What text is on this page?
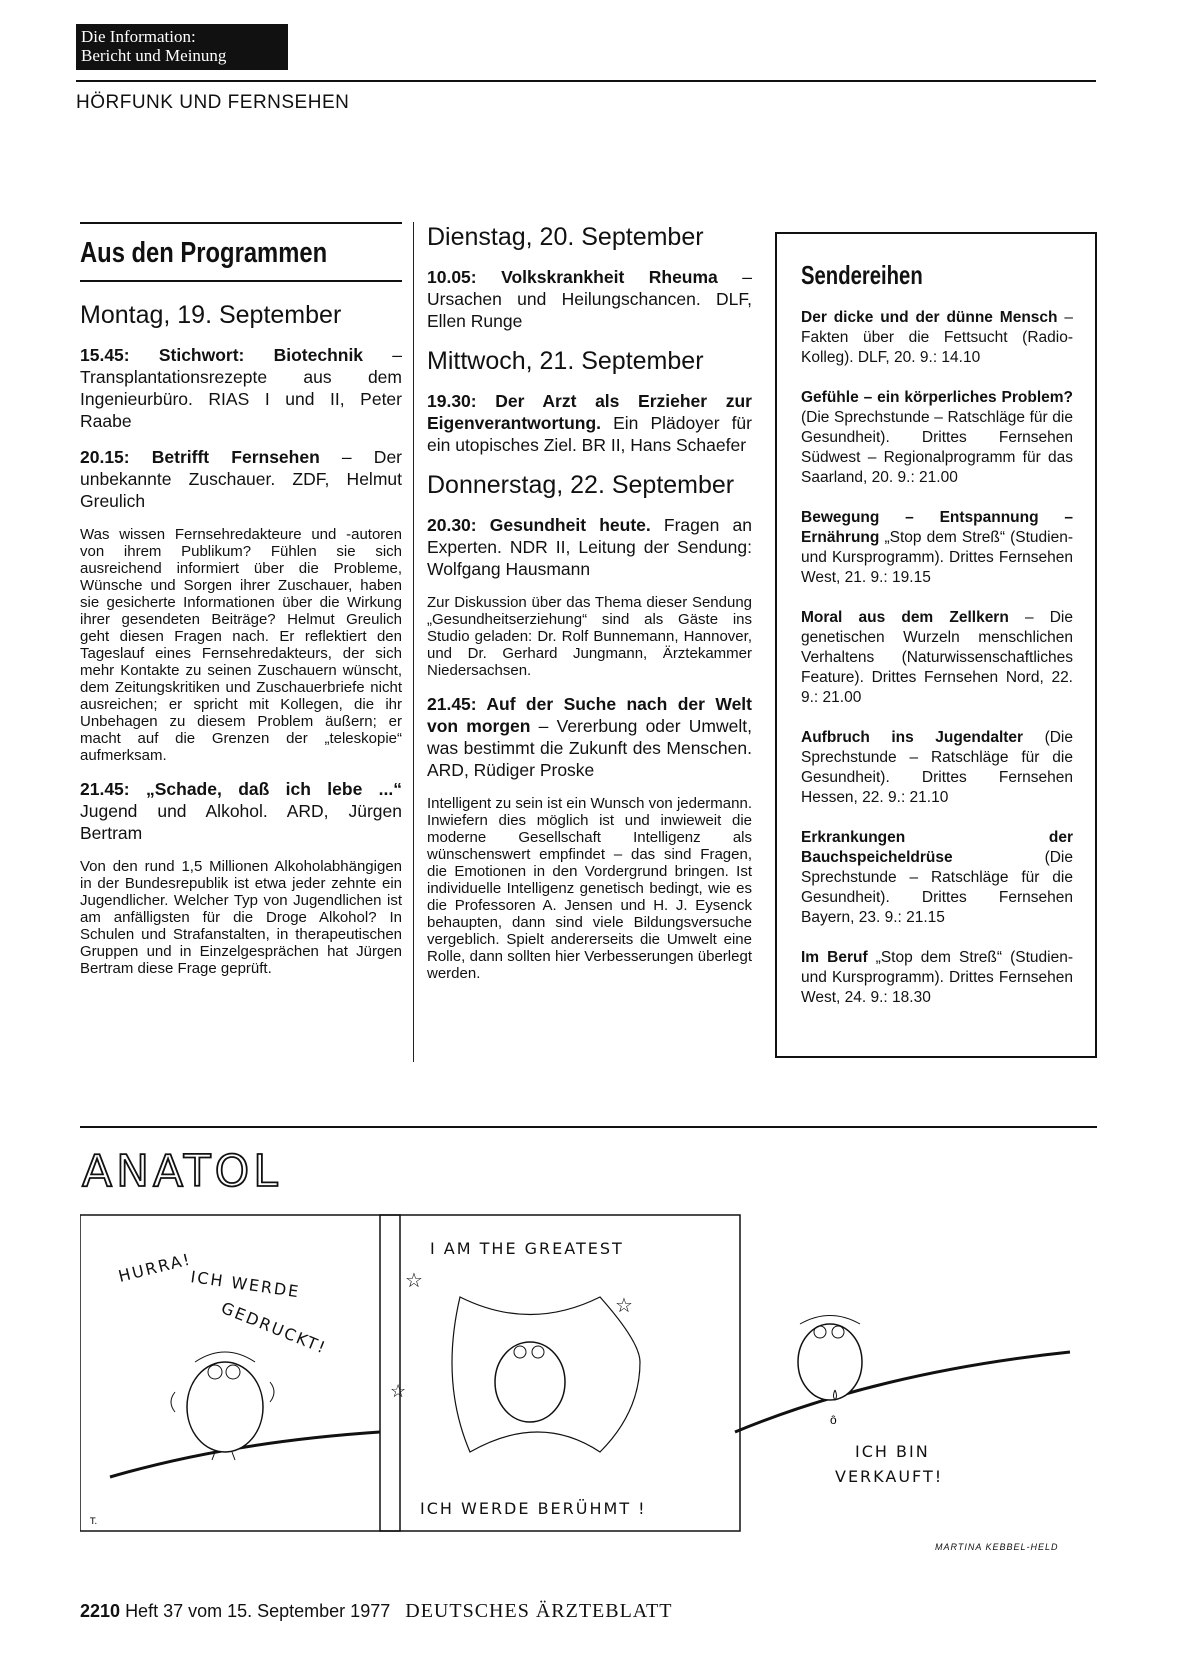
Die Information:
Bericht und Meinung
HÖRFUNK UND FERNSEHEN
Aus den Programmen
Montag, 19. September

15.45: Stichwort: Biotechnik – Transplantationsrezepte aus dem Ingenieurbüro. RIAS I und II, Peter Raabe

20.15: Betrifft Fernsehen – Der unbekannte Zuschauer. ZDF, Helmut Greulich

Was wissen Fernsehredakteure und -autoren von ihrem Publikum? Fühlen sie sich ausreichend informiert über die Probleme, Wünsche und Sorgen ihrer Zuschauer, haben sie gesicherte Informationen über die Wirkung ihrer gesendeten Beiträge? Helmut Greulich geht diesen Fragen nach. Er reflektiert den Tageslauf eines Fernsehredakteurs, der sich mehr Kontakte zu seinen Zuschauern wünscht, dem Zeitungskritiken und Zuschauerbriefe nicht ausreichen; er spricht mit Kollegen, die ihr Unbehagen zu diesem Problem äußern; er macht auf die Grenzen der „teleskopie“ aufmerksam.

21.45: „Schade, daß ich lebe ...“ Jugend und Alkohol. ARD, Jürgen Bertram

Von den rund 1,5 Millionen Alkoholabhängigen in der Bundesrepublik ist etwa jeder zehnte ein Jugendlicher. Welcher Typ von Jugendlichen ist am anfälligsten für die Droge Alkohol? In Schulen und Strafanstalten, in therapeutischen Gruppen und in Einzelgesprächen hat Jürgen Bertram diese Frage geprüft.

Dienstag, 20. September

10.05: Volkskrankheit Rheuma – Ursachen und Heilungschancen. DLF, Ellen Runge

Mittwoch, 21. September

19.30: Der Arzt als Erzieher zur Eigenverantwortung. Ein Plädoyer für ein utopisches Ziel. BR II, Hans Schaefer

Donnerstag, 22. September

20.30: Gesundheit heute. Fragen an Experten. NDR II, Leitung der Sendung: Wolfgang Hausmann

Zur Diskussion über das Thema dieser Sendung „Gesundheitserziehung“ sind als Gäste ins Studio geladen: Dr. Rolf Bunnemann, Hannover, und Dr. Gerhard Jungmann, Ärztekammer Niedersachsen.

21.45: Auf der Suche nach der Welt von morgen – Vererbung oder Umwelt, was bestimmt die Zukunft des Menschen. ARD, Rüdiger Proske

Intelligent zu sein ist ein Wunsch von jedermann. Inwiefern dies möglich ist und inwieweit die moderne Gesellschaft Intelligenz als wünschenswert empfindet – das sind Fragen, die Emotionen in den Vordergrund bringen. Ist individuelle Intelligenz genetisch bedingt, wie es die Professoren A. Jensen und H. J. Eysenck behaupten, dann sind viele Bildungsversuche vergeblich. Spielt andererseits die Umwelt eine Rolle, dann sollten hier Verbesserungen überlegt werden.

Sendereihen

Der dicke und der dünne Mensch – Fakten über die Fettsucht (Radio-Kolleg). DLF, 20. 9.: 14.10

Gefühle – ein körperliches Problem? (Die Sprechstunde – Ratschläge für die Gesundheit). Drittes Fernsehen Südwest – Regionalprogramm für das Saarland, 20. 9.: 21.00

Bewegung – Entspannung – Ernährung „Stop dem Streß“ (Studien- und Kursprogramm). Drittes Fernsehen West, 21. 9.: 19.15

Moral aus dem Zellkern – Die genetischen Wurzeln menschlichen Verhaltens (Naturwissenschaftliches Feature). Drittes Fernsehen Nord, 22. 9.: 21.00

Aufbruch ins Jugendalter (Die Sprechstunde – Ratschläge für die Gesundheit). Drittes Fernsehen Hessen, 22. 9.: 21.10

Erkrankungen der Bauchspeicheldrüse (Die Sprechstunde – Ratschläge für die Gesundheit). Drittes Fernsehen Bayern, 23. 9.: 21.15

Im Beruf „Stop dem Streß“ (Studien- und Kursprogramm). Drittes Fernsehen West, 24. 9.: 18.30

ANATOL
HURRA!
ICH WERDE
GEDRUCKT!
T.
I AM THE GREATEST
☆
☆
☆
ICH WERDE BERÜHMT !
ô
ICH BIN
VERKAUFT!
MARTINA KEBBEL-HELD
2210 Heft 37 vom 15. September 1977 DEUTSCHES ÄRZTEBLATT
